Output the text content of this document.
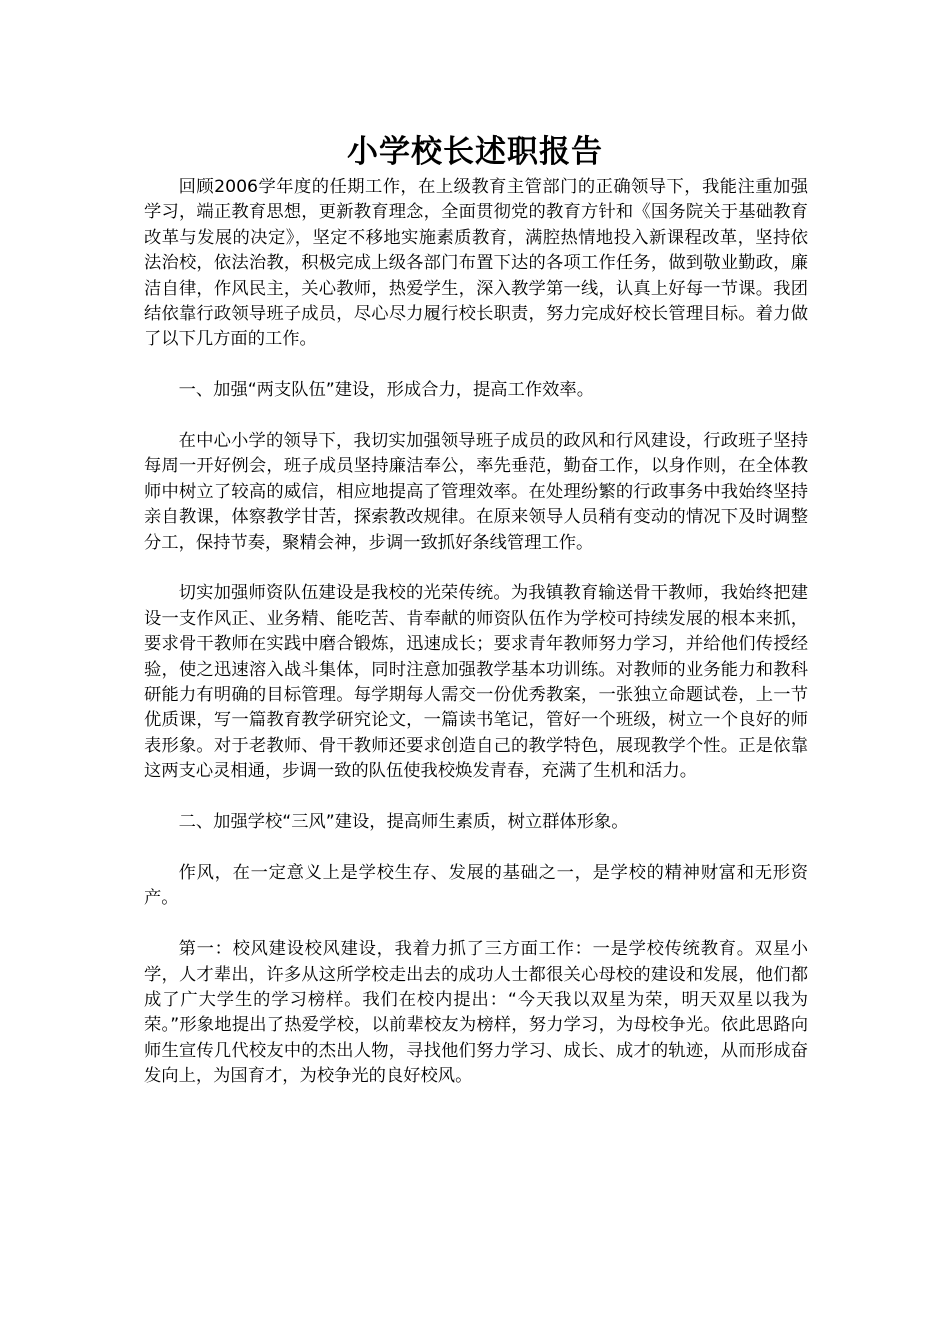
小学校长述职报告

回顾2006学年度的任期工作，在上级教育主管部门的正确领导下，我能注重加强学习，端正教育思想，更新教育理念，全面贯彻党的教育方针和《国务院关于基础教育改革与发展的决定》，坚定不移地实施素质教育，满腔热情地投入新课程改革，坚持依法治校，依法治教，积极完成上级各部门布置下达的各项工作任务，做到敬业勤政，廉洁自律，作风民主，关心教师，热爱学生，深入教学第一线，认真上好每一节课。我团结依靠行政领导班子成员，尽心尽力履行校长职责，努力完成好校长管理目标。着力做了以下几方面的工作。

一、加强“两支队伍”建设，形成合力，提高工作效率。

在中心小学的领导下，我切实加强领导班子成员的政风和行风建设，行政班子坚持每周一开好例会，班子成员坚持廉洁奉公，率先垂范，勤奋工作，以身作则，在全体教师中树立了较高的威信，相应地提高了管理效率。在处理纷繁的行政事务中我始终坚持亲自教课，体察教学甘苦，探索教改规律。在原来领导人员稍有变动的情况下及时调整分工，保持节奏，聚精会神，步调一致抓好条线管理工作。

切实加强师资队伍建设是我校的光荣传统。为我镇教育输送骨干教师，我始终把建设一支作风正、业务精、能吃苦、肯奉献的师资队伍作为学校可持续发展的根本来抓，要求骨干教师在实践中磨合锻炼，迅速成长；要求青年教师努力学习，并给他们传授经验，使之迅速溶入战斗集体，同时注意加强教学基本功训练。对教师的业务能力和教科研能力有明确的目标管理。每学期每人需交一份优秀教案，一张独立命题试卷，上一节优质课，写一篇教育教学研究论文，一篇读书笔记，管好一个班级，树立一个良好的师表形象。对于老教师、骨干教师还要求创造自己的教学特色，展现教学个性。正是依靠这两支心灵相通，步调一致的队伍使我校焕发青春，充满了生机和活力。

二、加强学校“三风”建设，提高师生素质，树立群体形象。

作风，在一定意义上是学校生存、发展的基础之一，是学校的精神财富和无形资产。

第一：校风建设校风建设，我着力抓了三方面工作：一是学校传统教育。双星小学，人才辈出，许多从这所学校走出去的成功人士都很关心母校的建设和发展，他们都成了广大学生的学习榜样。我们在校内提出：“今天我以双星为荣，明天双星以我为荣。”形象地提出了热爱学校，以前辈校友为榜样，努力学习，为母校争光。依此思路向师生宣传几代校友中的杰出人物，寻找他们努力学习、成长、成才的轨迹，从而形成奋发向上，为国育才，为校争光的良好校风。
